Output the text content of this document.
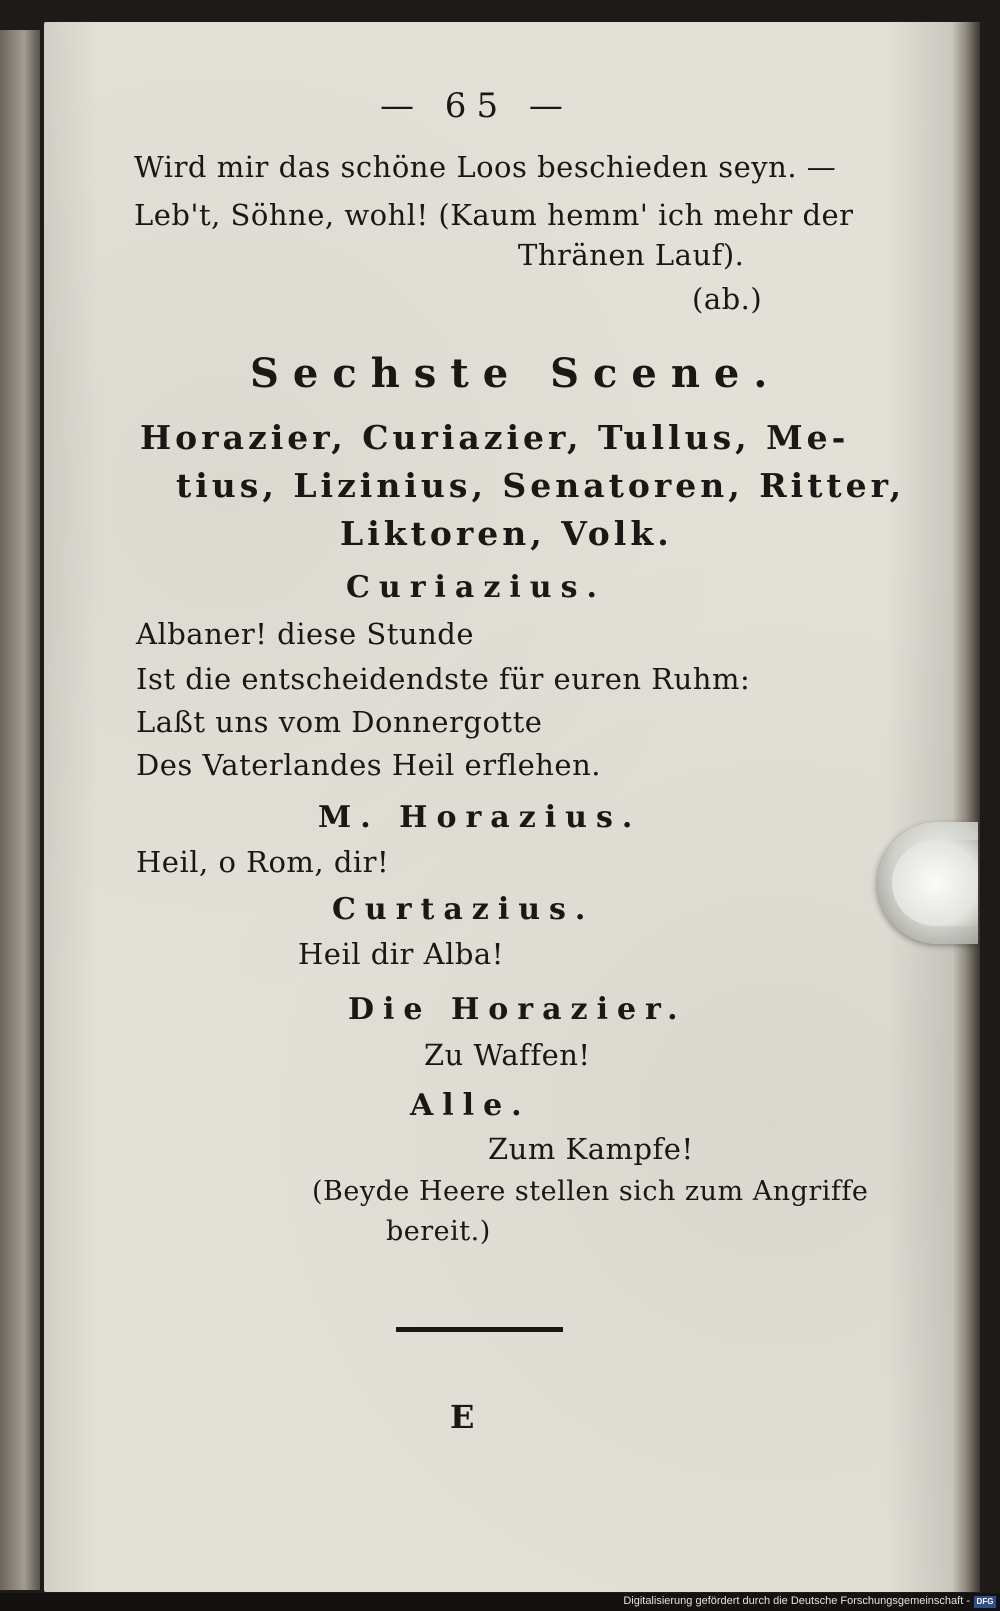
— 65 —
Wird mir das schöne Loos beschieden seyn. —
Leb't, Söhne, wohl! (Kaum hemm' ich mehr der
Thränen Lauf).
(ab.)
Sechste Scene.
Horazier, Curiazier, Tullus, Me-
tius, Lizinius, Senatoren, Ritter,
Liktoren, Volk.
Curiazius.
Albaner! diese Stunde
Ist die entscheidendste für euren Ruhm:
Laßt uns vom Donnergotte
Des Vaterlandes Heil erflehen.
M. Horazius.
Heil, o Rom, dir!
Curtazius.
Heil dir Alba!
Die Horazier.
Zu Waffen!
Alle.
Zum Kampfe!
(Beyde Heere stellen sich zum Angriffe
bereit.)
E
Digitalisierung gefördert durch die Deutsche Forschungsgemeinschaft - DFG
